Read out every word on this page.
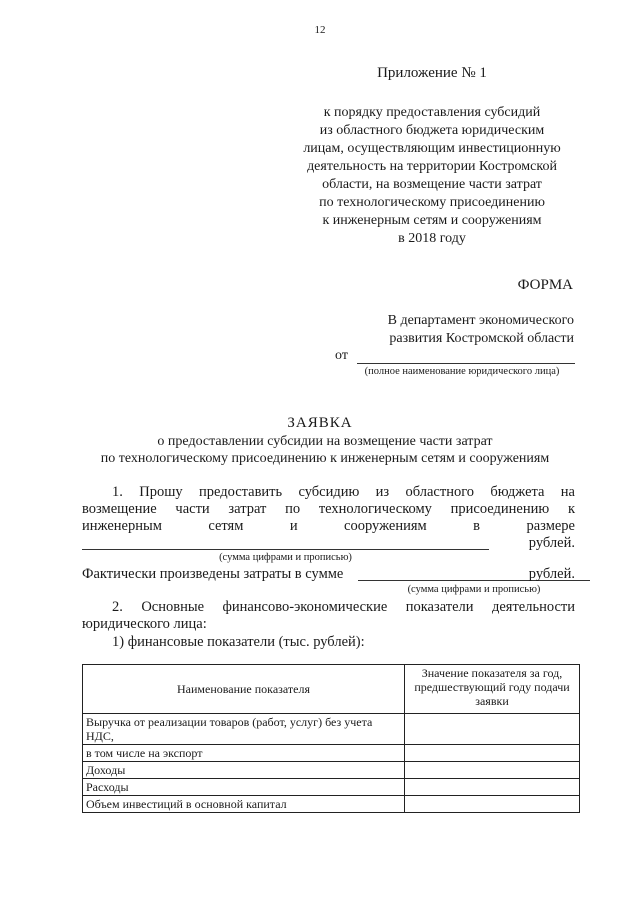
12
Приложение № 1
к порядку предоставления субсидий
из областного бюджета юридическим
лицам, осуществляющим инвестиционную
деятельность на территории Костромской
области, на возмещение части затрат
по технологическому присоединению
к инженерным сетям и сооружениям
в 2018 году
ФОРМА
В департамент экономического
развития Костромской области
от
(полное наименование юридического лица)
ЗАЯВКА
о предоставлении субсидии на возмещение части затрат
по технологическому присоединению к инженерным сетям и сооружениям
1. Прошу предоставить субсидию из областного бюджета на
возмещение части затрат по технологическому присоединению к
инженерным сетям и сооружениям в размере
рублей.
(сумма цифрами и прописью)
Фактически произведены затраты в сумме	рублей.
(сумма цифрами и прописью)
2. Основные финансово-экономические показатели деятельности
юридического лица:
1) финансовые показатели (тыс. рублей):
Наименование показателя	Значение показателя за год, предшествующий году подачи заявки
Выручка от реализации товаров (работ, услуг) без учета НДС,	
в том числе на экспорт	
Доходы	
Расходы	
Объем инвестиций в основной капитал	
